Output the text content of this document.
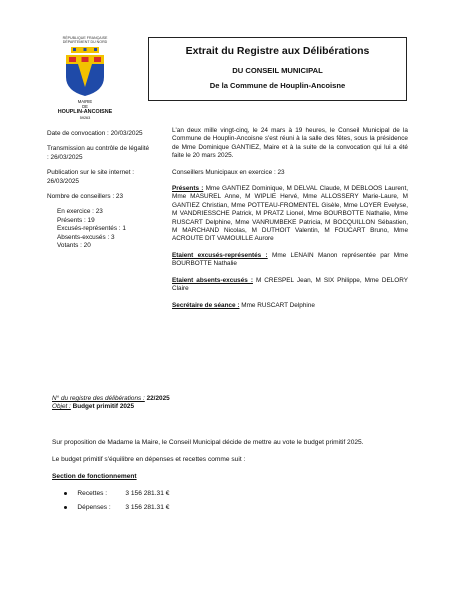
RÉPUBLIQUE FRANÇAISE
DÉPARTEMENT DU NORD
MAIRIE
DE
HOUPLIN-ANCOISNE
59263
Extrait du Registre aux Délibérations
DU CONSEIL MUNICIPAL
De la Commune de Houplin-Ancoisne

Date de convocation : 20/03/2025

Transmission au contrôle de légalité : 26/03/2025

Publication sur le site internet : 26/03/2025

Nombre de conseillers : 23

En exercice : 23
Présents : 19
Excusés-représentés : 1
Absents-excusés : 3
Votants : 20

L'an deux mille vingt-cinq, le 24 mars à 19 heures, le Conseil Municipal de la Commune de Houplin-Ancoisne s'est réuni à la salle des fêtes, sous la présidence de Mme Dominique GANTIEZ, Maire et à la suite de la convocation qui lui a été faite le 20 mars 2025.

Conseillers Municipaux en exercice : 23

Présents : Mme GANTIEZ Dominique, M DELVAL Claude, M DEBLOOS Laurent, Mme MASUREL Anne, M WIPLIE Hervé, Mme ALLOSSERY Marie-Laure, M GANTIEZ Christian, Mme POTTEAU-FROMENTEL Gisèle, Mme LOYER Evelyse, M VANDRIESSCHE Patrick, M PRATZ Lionel, Mme BOURBOTTE Nathalie, Mme RUSCART Delphine, Mme VANRUMBEKE Patricia, M BOCQUILLON Sébastien, M MARCHAND Nicolas, M DUTHOIT Valentin, M FOUCART Bruno, Mme ACROUTE DIT VAMOUILLE Aurore

Etaient excusés-représentés : Mme LENAIN Manon représentée par Mme BOURBOTTE Nathalie

Etaient absents-excusés : M CRESPEL Jean, M SIX Philippe, Mme DELORY Claire

Secrétaire de séance : Mme RUSCART Delphine

N° du registre des délibérations : 22/2025
Objet : Budget primitif 2025

Sur proposition de Madame la Maire, le Conseil Municipal décide de mettre au vote le budget primitif 2025.

Le budget primitif s'équilibre en dépenses et recettes comme suit :

Section de fonctionnement

Recettes :	3 156 281.31 €
Dépenses :	3 156 281.31 €
